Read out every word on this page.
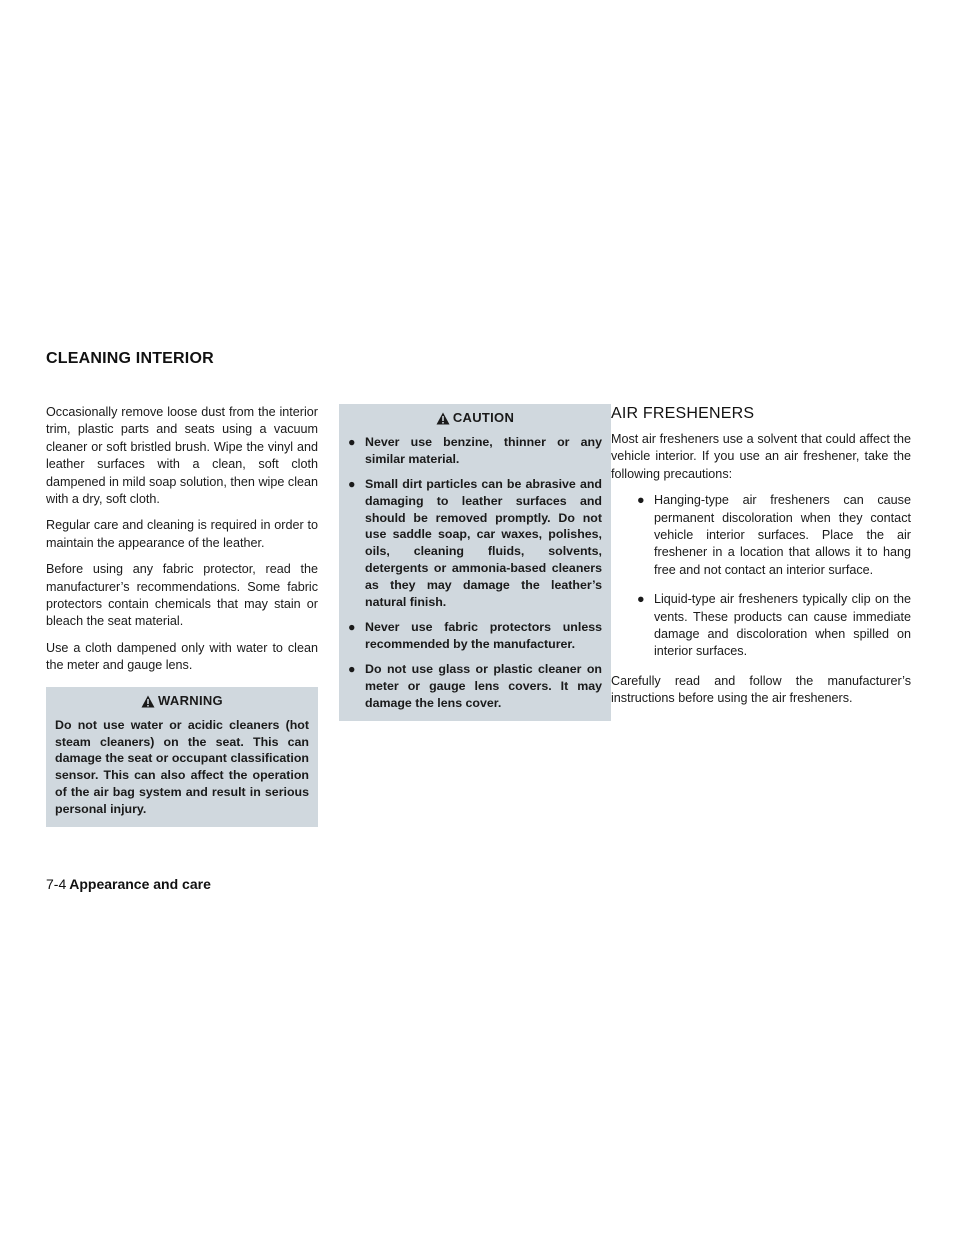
CLEANING INTERIOR

Occasionally remove loose dust from the interior trim, plastic parts and seats using a vacuum cleaner or soft bristled brush. Wipe the vinyl and leather surfaces with a clean, soft cloth dampened in mild soap solution, then wipe clean with a dry, soft cloth.

Regular care and cleaning is required in order to maintain the appearance of the leather.

Before using any fabric protector, read the manufacturer’s recommendations. Some fabric protectors contain chemicals that may stain or bleach the seat material.

Use a cloth dampened only with water to clean the meter and gauge lens.

WARNING

Do not use water or acidic cleaners (hot steam cleaners) on the seat. This can damage the seat or occupant classification sensor. This can also affect the operation of the air bag system and result in serious personal injury.

CAUTION
● Never use benzine, thinner or any similar material.
● Small dirt particles can be abrasive and damaging to leather surfaces and should be removed promptly. Do not use saddle soap, car waxes, polishes, oils, cleaning fluids, solvents, detergents or ammonia-based cleaners as they may damage the leather’s natural finish.
● Never use fabric protectors unless recommended by the manufacturer.
● Do not use glass or plastic cleaner on meter or gauge lens covers. It may damage the lens cover.
AIR FRESHENERS

Most air fresheners use a solvent that could affect the vehicle interior. If you use an air freshener, take the following precautions:

● Hanging-type air fresheners can cause permanent discoloration when they contact vehicle interior surfaces. Place the air freshener in a location that allows it to hang free and not contact an interior surface.
● Liquid-type air fresheners typically clip on the vents. These products can cause immediate damage and discoloration when spilled on interior surfaces.

Carefully read and follow the manufacturer’s instructions before using the air fresheners.

7-4 Appearance and care
